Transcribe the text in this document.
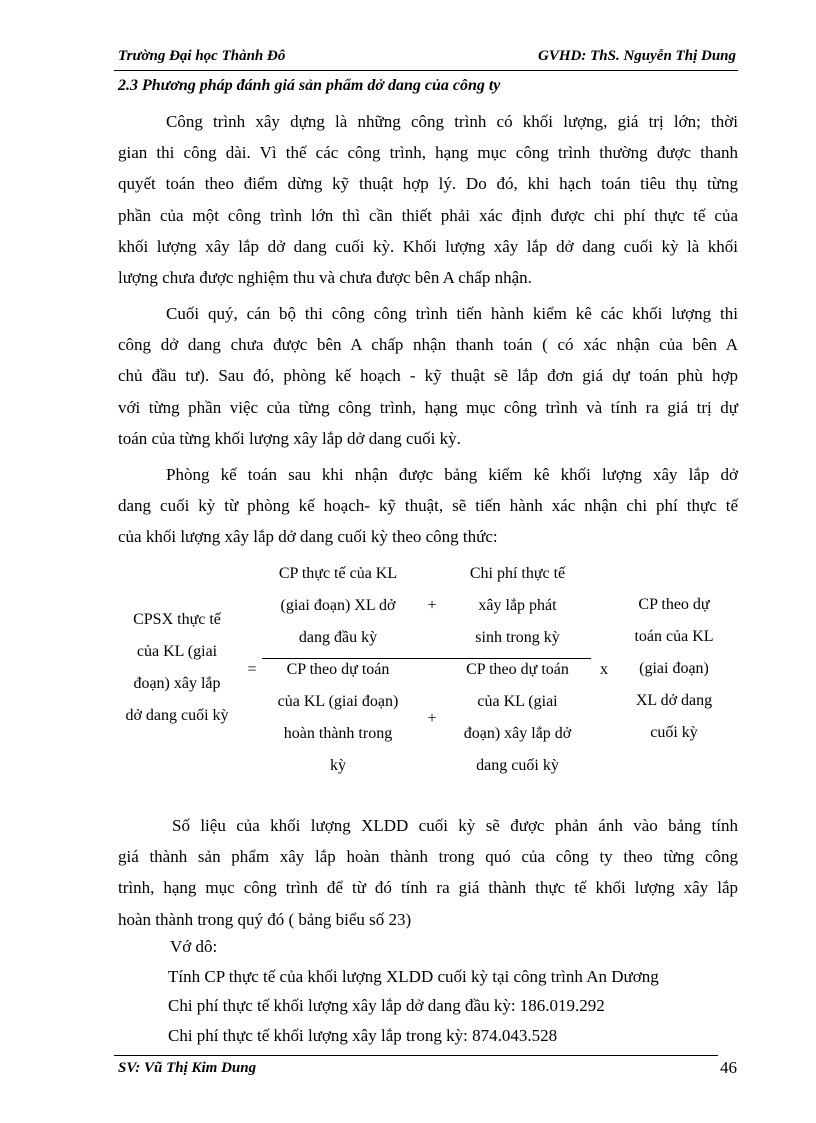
Trường Đại học Thành Đô	GVHD: ThS. Nguyễn Thị Dung
2.3 Phương pháp đánh giá sản phẩm dở dang của công ty
Công trình xây dựng là những công trình có khối lượng, giá trị lớn; thời
gian thi công dài. Vì thế các công trình, hạng mục công trình thường được thanh
quyết toán theo điểm dừng kỹ thuật hợp lý. Do đó, khi hạch toán tiêu thụ từng
phần của một công trình lớn thì cần thiết phải xác định được chi phí thực tế của
khối lượng xây lắp dở dang cuối kỳ. Khối lượng xây lắp dở dang cuối kỳ là khối
lượng chưa được nghiệm thu và chưa được bên A chấp nhận.
Cuối quý, cán bộ thi công công trình tiến hành kiểm kê các khối lượng thi
công dở dang chưa được bên A chấp nhận thanh toán ( có xác nhận của bên A
chủ đầu tư). Sau đó, phòng kế hoạch - kỹ thuật sẽ lắp đơn giá dự toán phù hợp
với từng phần việc của từng công trình, hạng mục công trình và tính ra giá trị dự
toán của từng khối lượng xây lắp dở dang cuối kỳ.
Phòng kế toán sau khi nhận được bảng kiểm kê khối lượng xây lắp dở
dang cuối kỳ từ phòng kế hoạch- kỹ thuật, sẽ tiến hành xác nhận chi phí thực tế
của khối lượng xây lắp dở dang cuối kỳ theo công thức:
CPSX thực tế
của KL (giai
đoạn) xây lắp
dở dang cuối kỳ
=
CP thực tế của KL
(giai đoạn) XL dở
dang đầu kỳ
+
Chi phí thực tế
xây lắp phát
sinh trong kỳ
CP theo dự toán
của KL (giai đoạn)
hoàn thành trong
kỳ
+
CP theo dự toán
của KL (giai
đoạn) xây lắp dở
dang cuối kỳ
x
CP theo dự
toán của KL
(giai đoạn)
XL dở dang
cuối kỳ
Số liệu của khối lượng XLDD cuối kỳ sẽ được phản ánh vào bảng tính
giá thành sản phẩm xây lắp hoàn thành trong quó của công ty theo từng công
trình, hạng mục công trình để từ đó tính ra giá thành thực tế khối lượng xây lắp
hoàn thành trong quý đó ( bảng biểu số 23)
Vớ dô:
Tính CP thực tế của khối lượng XLDD cuối kỳ tại công trình An Dương
Chi phí thực tế khối lượng xây lắp dở dang đầu kỳ: 186.019.292
Chi phí thực tế khối lượng xây lắp trong kỳ: 874.043.528
SV: Vũ Thị Kim Dung	46
